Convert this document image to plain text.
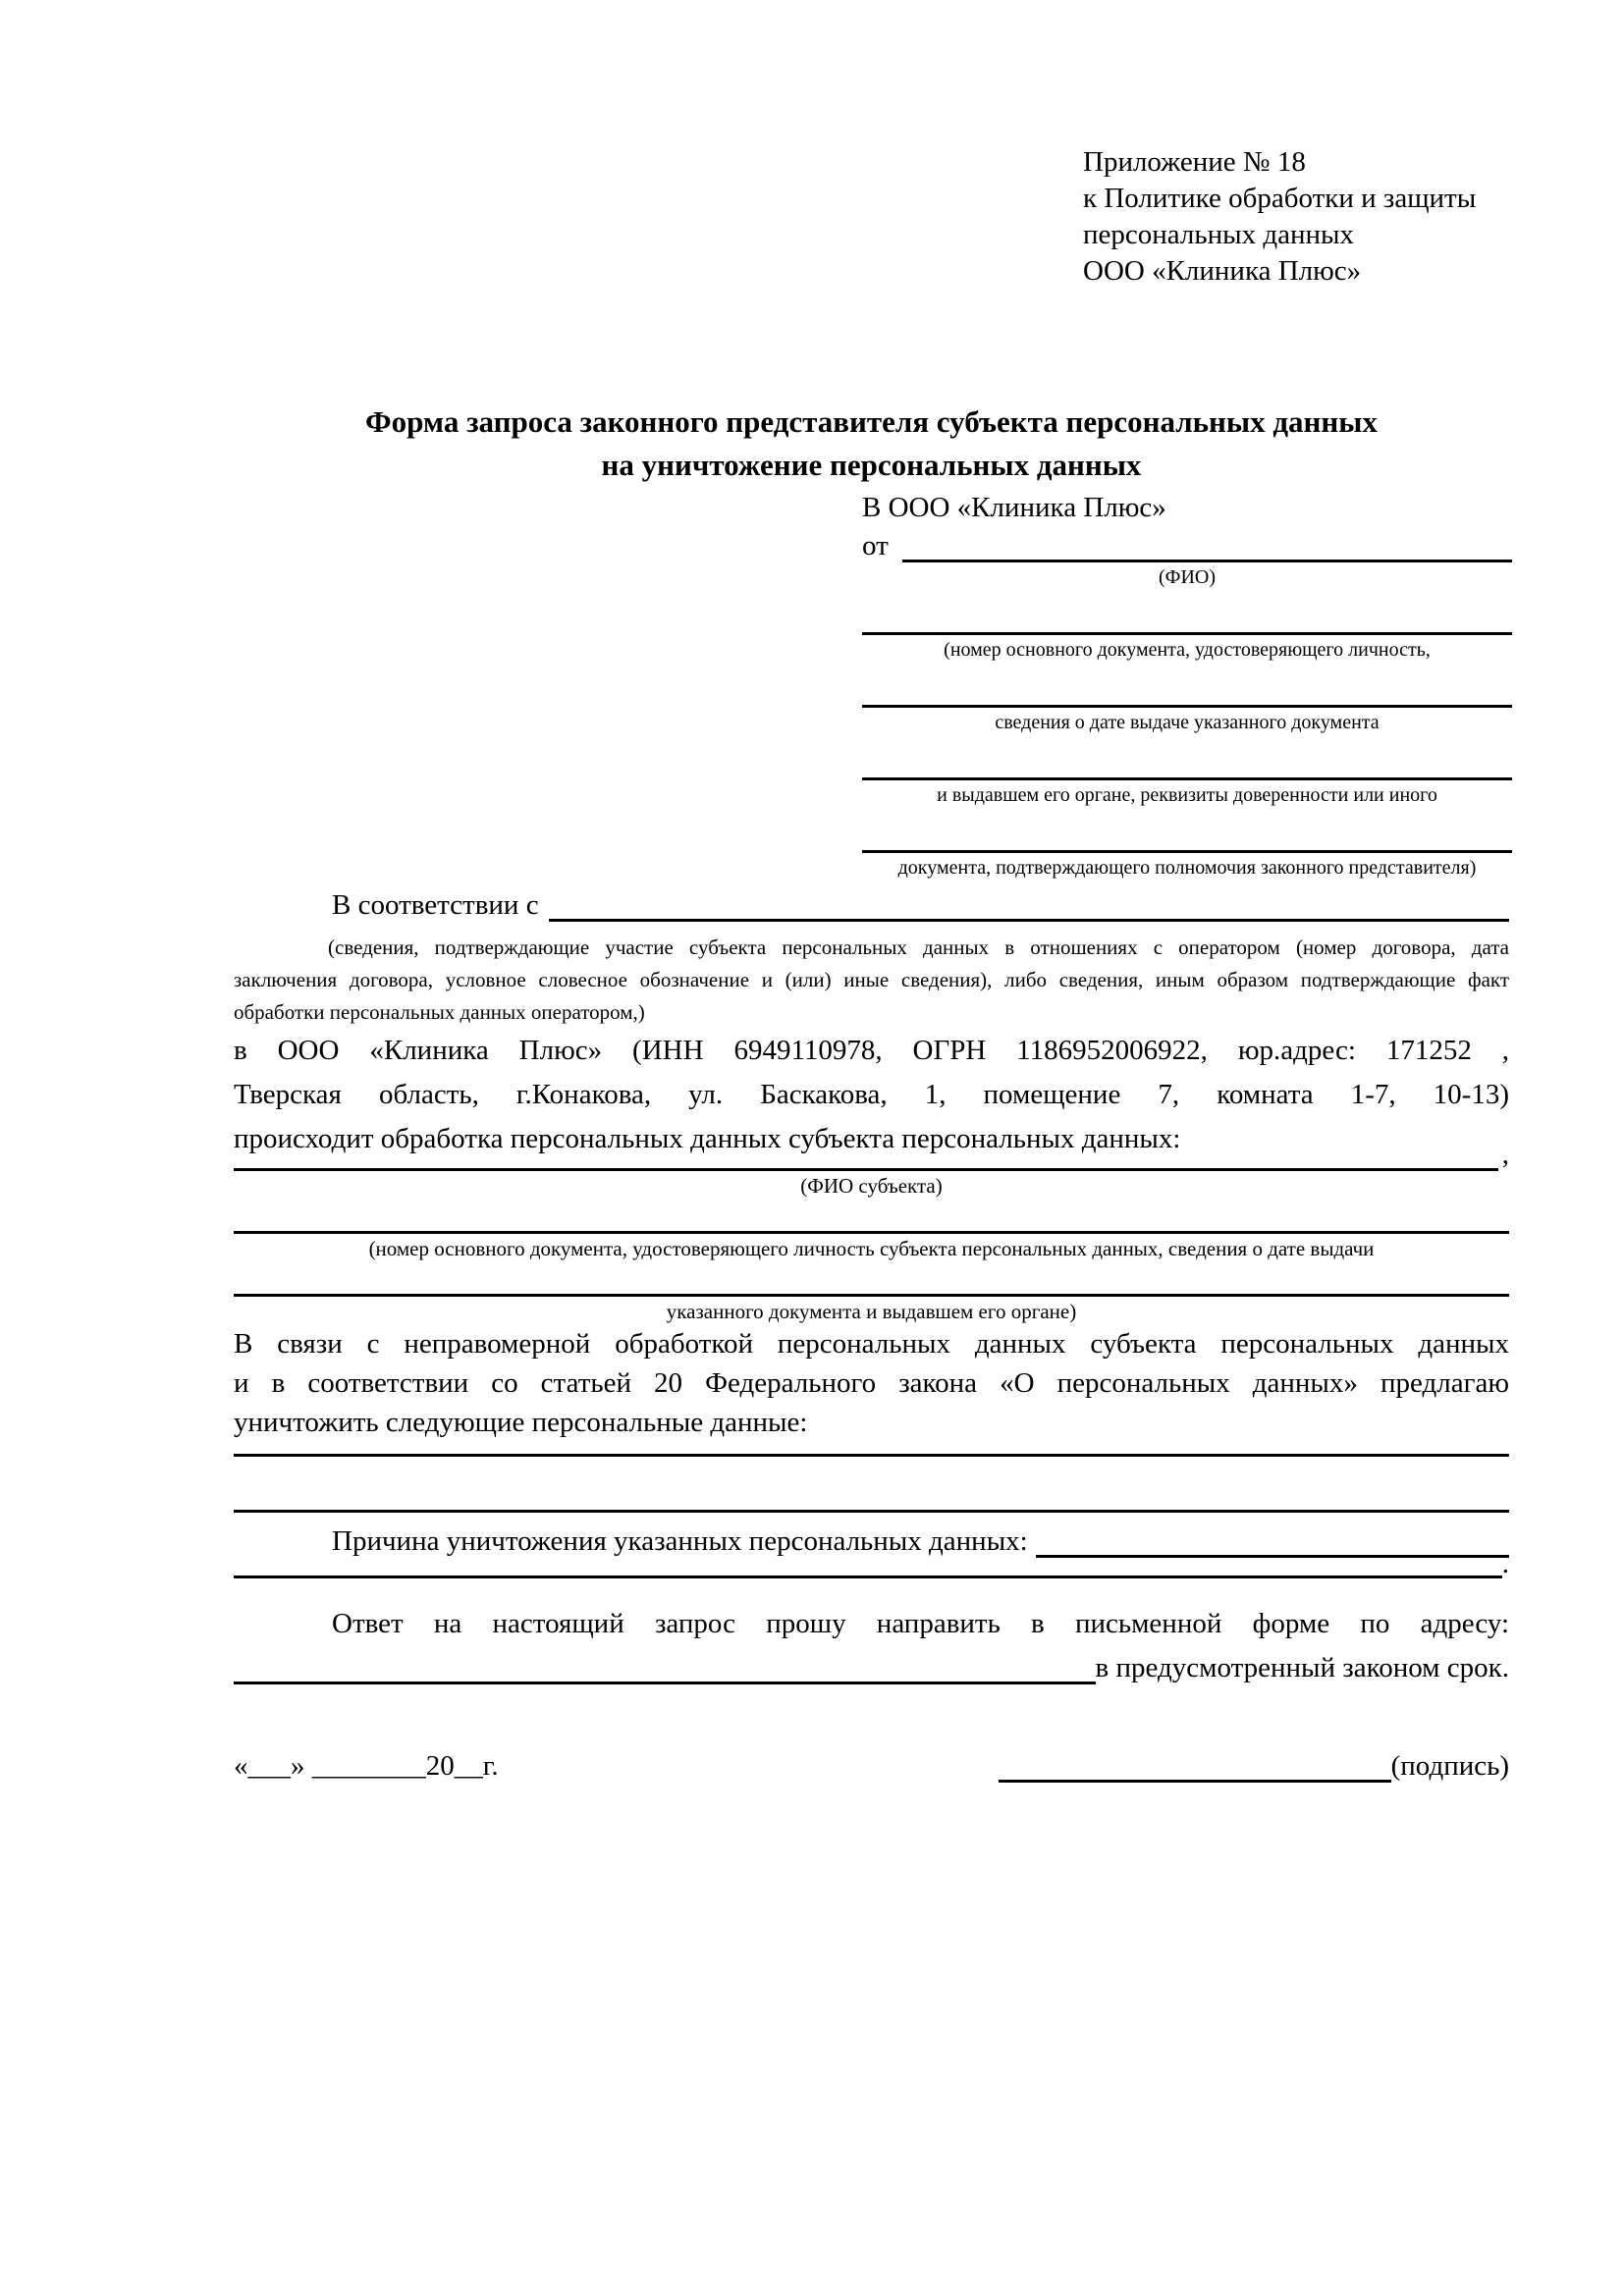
Приложение № 18
к Политике обработки и защиты
персональных данных
ООО «Клиника Плюс»
Форма запроса законного представителя субъекта персональных данных
на уничтожение персональных данных
В ООО «Клиника Плюс»
от
(ФИО)
(номер основного документа, удостоверяющего личность,
сведения о дате выдаче указанного документа
и выдавшем его органе, реквизиты доверенности или иного
документа, подтверждающего полномочия законного представителя)
В соответствии с
(сведения, подтверждающие участие субъекта персональных данных в отношениях с оператором (номер договора, дата
заключения договора, условное словесное обозначение и (или) иные сведения), либо сведения, иным образом подтверждающие факт
обработки персональных данных оператором,)
в ООО «Клиника Плюс» (ИНН 6949110978, ОГРН 1186952006922, юр.адрес: 171252 ,
Тверская область, г.Конакова, ул. Баскакова, 1, помещение 7, комната 1-7, 10-13)
происходит обработка персональных данных субъекта персональных данных:	,
(ФИО субъекта)
(номер основного документа, удостоверяющего личность субъекта персональных данных, сведения о дате выдачи
указанного документа и выдавшем его органе)
В связи с неправомерной обработкой персональных данных субъекта персональных данных
и в соответствии со статьей 20 Федерального закона «О персональных данных» предлагаю
уничтожить следующие персональные данные:
Причина уничтожения указанных персональных данных:
.
Ответ на настоящий запрос прошу направить в письменной форме по адресу:
в предусмотренный законом срок.
«___» ________20__г.	(подпись)
